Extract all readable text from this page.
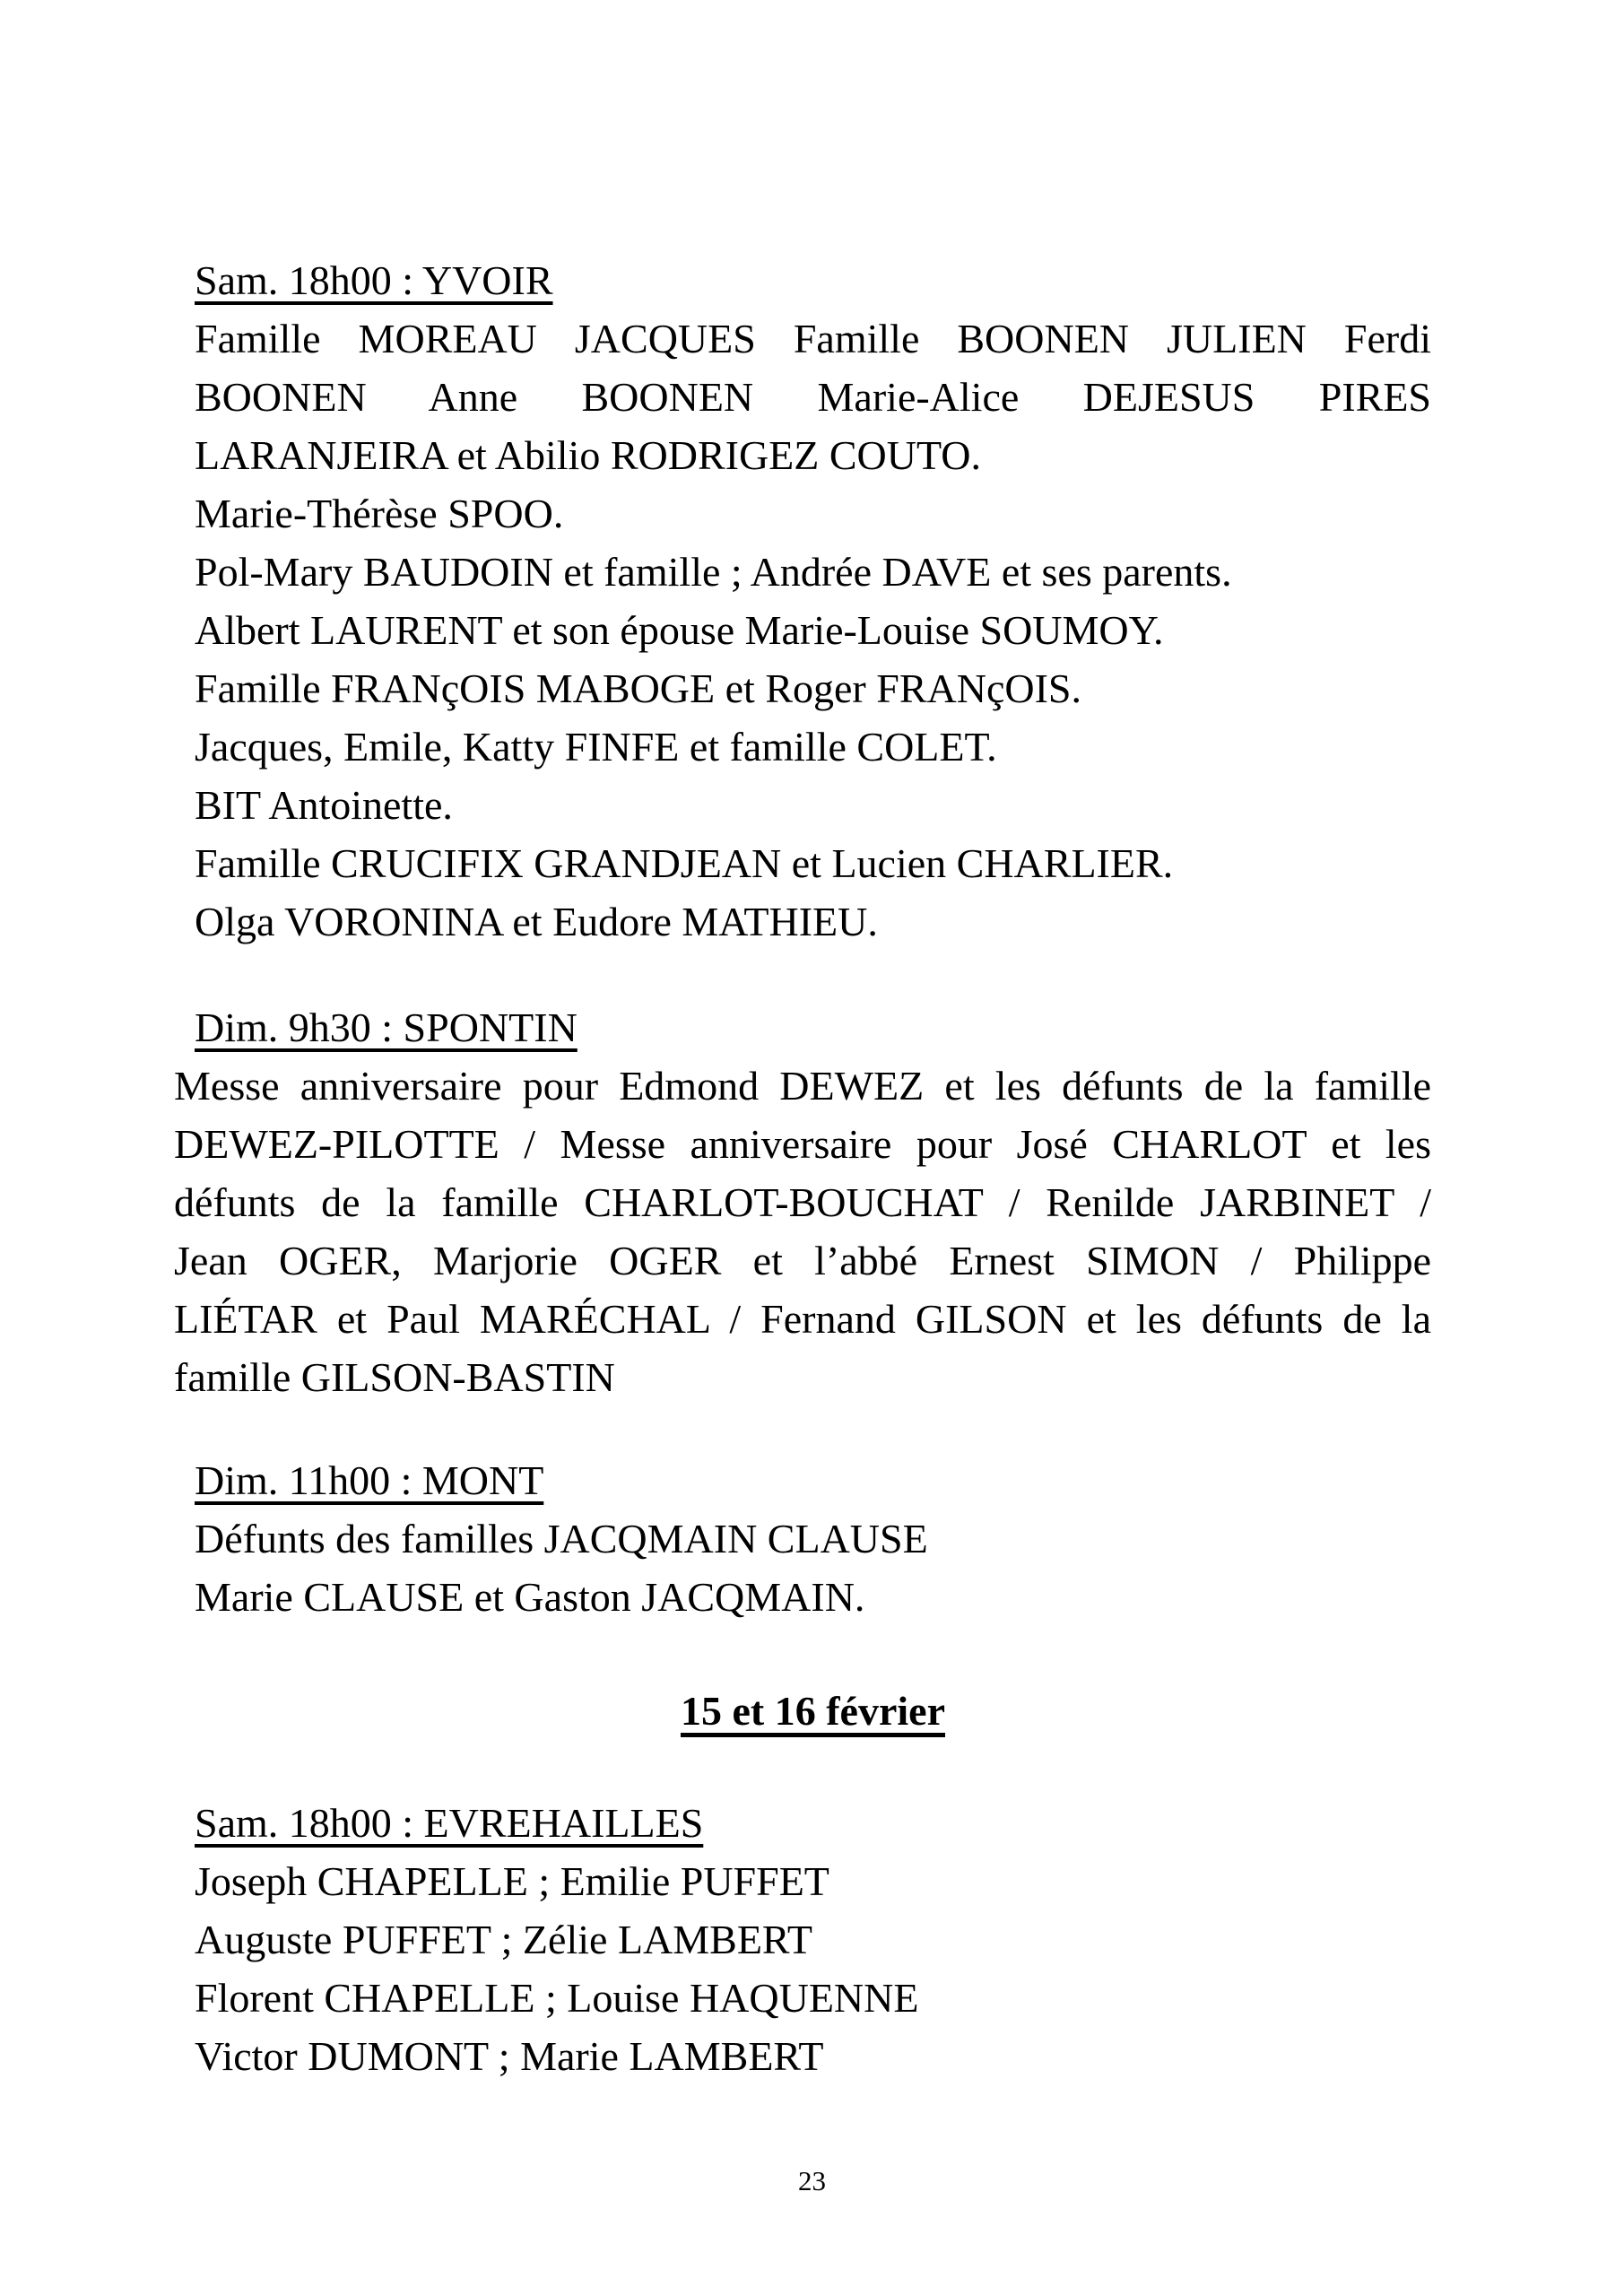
Sam. 18h00 : YVOIR
Famille MOREAU JACQUES Famille BOONEN JULIEN Ferdi
BOONEN Anne BOONEN Marie-Alice DEJESUS PIRES
LARANJEIRA et Abilio RODRIGEZ COUTO.
Marie-Thérèse SPOO.
Pol-Mary BAUDOIN et famille ; Andrée DAVE et ses parents.
Albert LAURENT et son épouse Marie-Louise SOUMOY.
Famille FRANçOIS MABOGE et Roger FRANçOIS.
Jacques, Emile, Katty FINFE et famille COLET.
BIT Antoinette.
Famille CRUCIFIX GRANDJEAN et Lucien CHARLIER.
Olga VORONINA et Eudore MATHIEU.
Dim. 9h30 : SPONTIN
Messe anniversaire pour Edmond DEWEZ et les défunts de la famille
DEWEZ-PILOTTE / Messe anniversaire pour José CHARLOT et les
défunts de la famille CHARLOT-BOUCHAT / Renilde JARBINET /
Jean OGER, Marjorie OGER et l’abbé Ernest SIMON / Philippe
LIÉTAR et Paul MARÉCHAL / Fernand GILSON et les défunts de la
famille GILSON-BASTIN
Dim. 11h00 : MONT
Défunts des familles JACQMAIN CLAUSE
Marie CLAUSE et Gaston JACQMAIN.
15 et 16 février
Sam. 18h00 : EVREHAILLES
Joseph CHAPELLE ; Emilie PUFFET
Auguste PUFFET ; Zélie LAMBERT
Florent CHAPELLE ; Louise HAQUENNE
Victor DUMONT ; Marie LAMBERT
23
